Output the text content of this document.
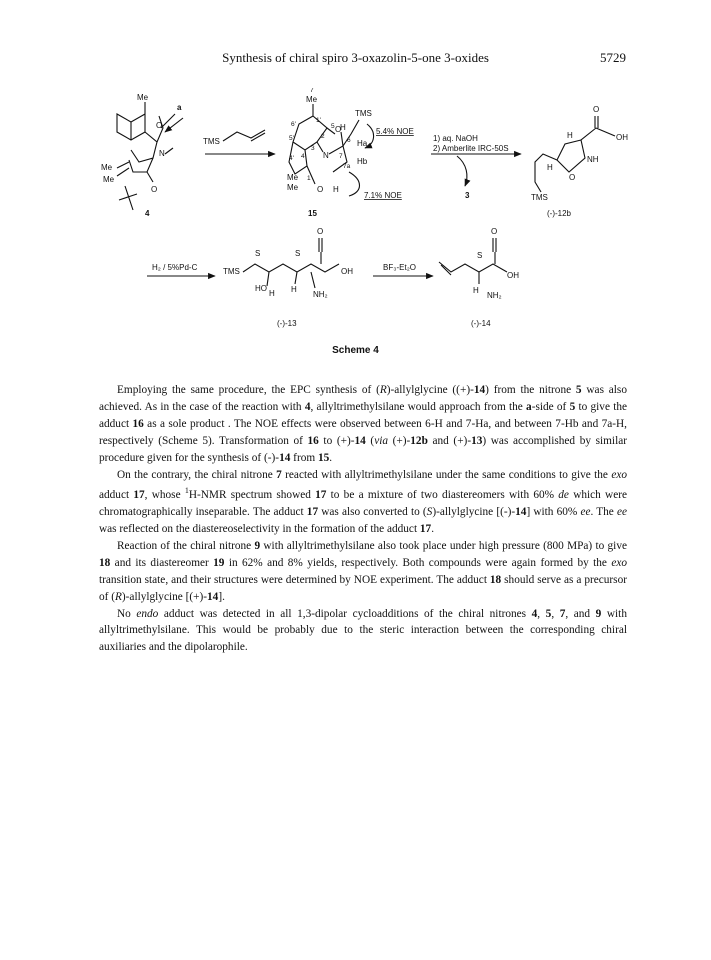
Synthesis of chiral spiro 3-oxazolin-5-one 3-oxides	5729
Me
O
N
O
Me
Me
4
a
TMS
7
Me
6'
5'
1'
2
3
4'
O
N
5
4
6
7
7a
TMS
H
Ha
Hb
Me
Me
1
O H
15
5.4% NOE
7.1% NOE
1) aq. NaOH
2) Amberlite IRC-50S
3
O
OH
H
NH
O
H
TMS
(-)-12b
H₂ / 5%Pd-C	TMS
S	S
O
OH
HO
H H
NH₂
(-)-13
BF₃-Et₂O
S
O
OH
H
NH₂
(-)-14
Scheme 4

Employing the same procedure, the EPC synthesis of (R)-allylglycine ((+)-14) from the nitrone 5 was also achieved. As in the case of the reaction with 4, allyltrimethylsilane would approach from the a-side of 5 to give the adduct 16 as a sole product . The NOE effects were observed between 6-H and 7-Ha, and between 7-Hb and 7a-H, respectively (Scheme 5). Transformation of 16 to (+)-14 (via (+)-12b and (+)-13) was accomplished by similar procedure given for the synthesis of (-)-14 from 15.

On the contrary, the chiral nitrone 7 reacted with allyltrimethylsilane under the same conditions to give the exo adduct 17, whose $^1$H-NMR spectrum showed 17 to be a mixture of two diastereomers with 60% de which were chromatographically inseparable. The adduct 17 was also converted to (S)-allylglycine [(-)-14] with 60% ee. The ee was reflected on the diastereoselectivity in the formation of the adduct 17.

Reaction of the chiral nitrone 9 with allyltrimethylsilane also took place under high pressure (800 MPa) to give 18 and its diastereomer 19 in 62% and 8% yields, respectively. Both compounds were again formed by the exo transition state, and their structures were determined by NOE experiment. The adduct 18 should serve as a precursor of (R)-allylglycine [(+)-14].

No endo adduct was detected in all 1,3-dipolar cycloadditions of the chiral nitrones 4, 5, 7, and 9 with allyltrimethylsilane. This would be probably due to the steric interaction between the corresponding chiral auxiliaries and the dipolarophile.
